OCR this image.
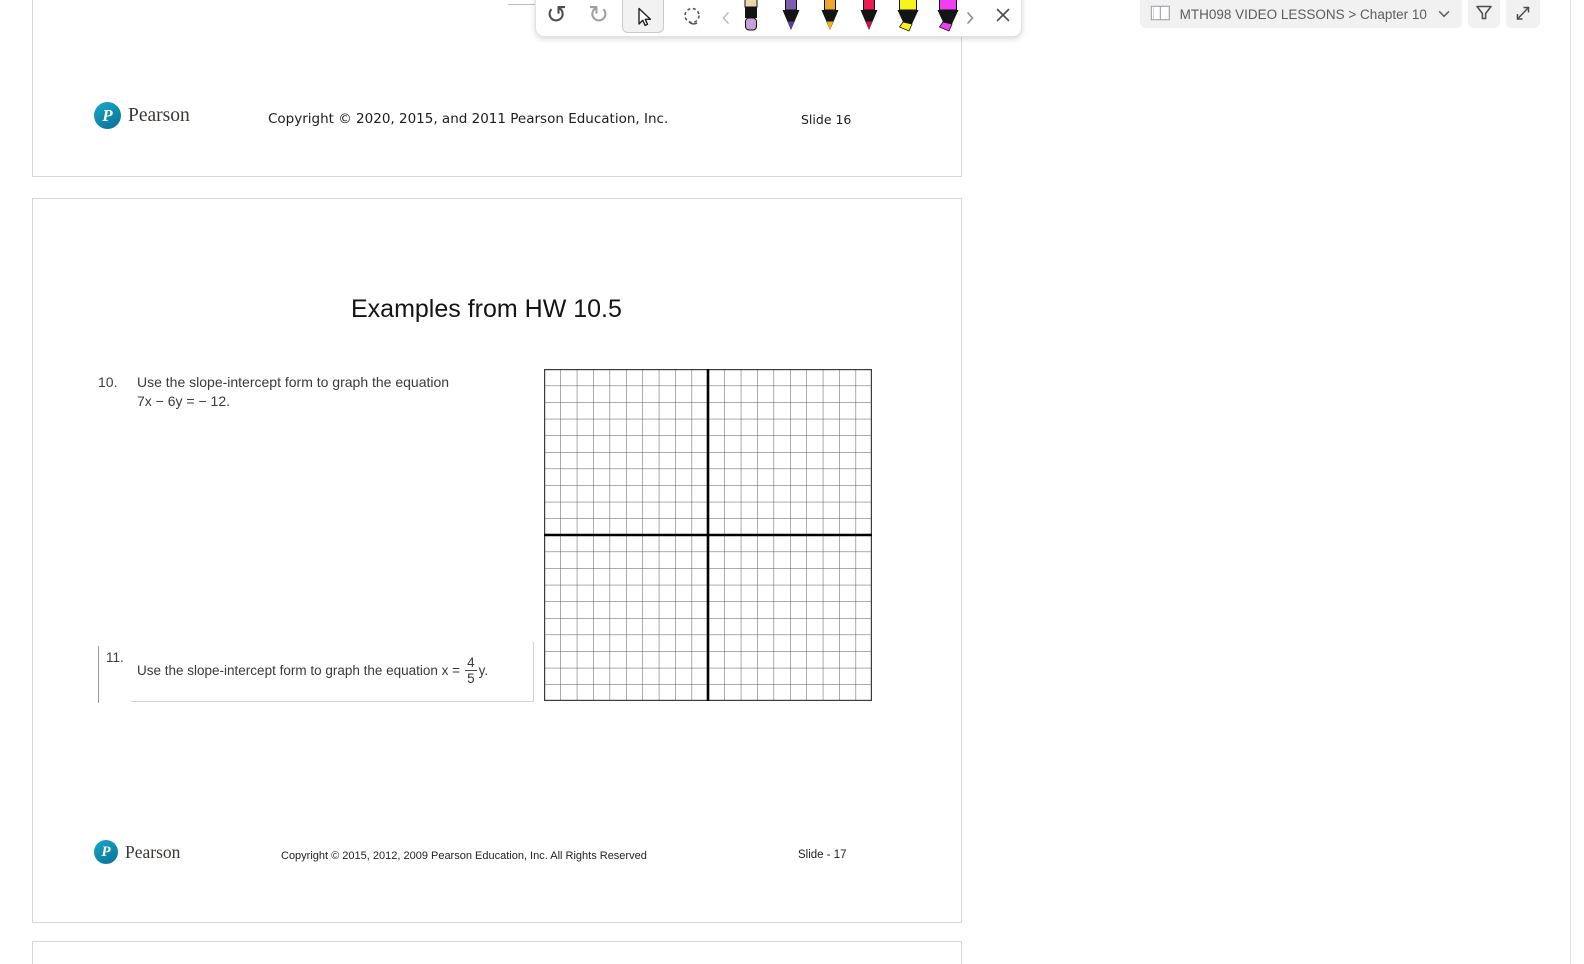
P Pearson	Copyright © 2020, 2015, and 2011 Pearson Education, Inc.	Slide 16
Examples from HW 10.5
10. Use the slope-intercept form to graph the equation
7x − 6y = − 12.
11.
Use the slope-intercept form to graph the equation $x = \frac{4}{5} y$.
P Pearson	Copyright © 2015, 2012, 2009 Pearson Education, Inc. All Rights Reserved	Slide - 17
↺ ↻	MTH098 VIDEO LESSONS > Chapter 10
